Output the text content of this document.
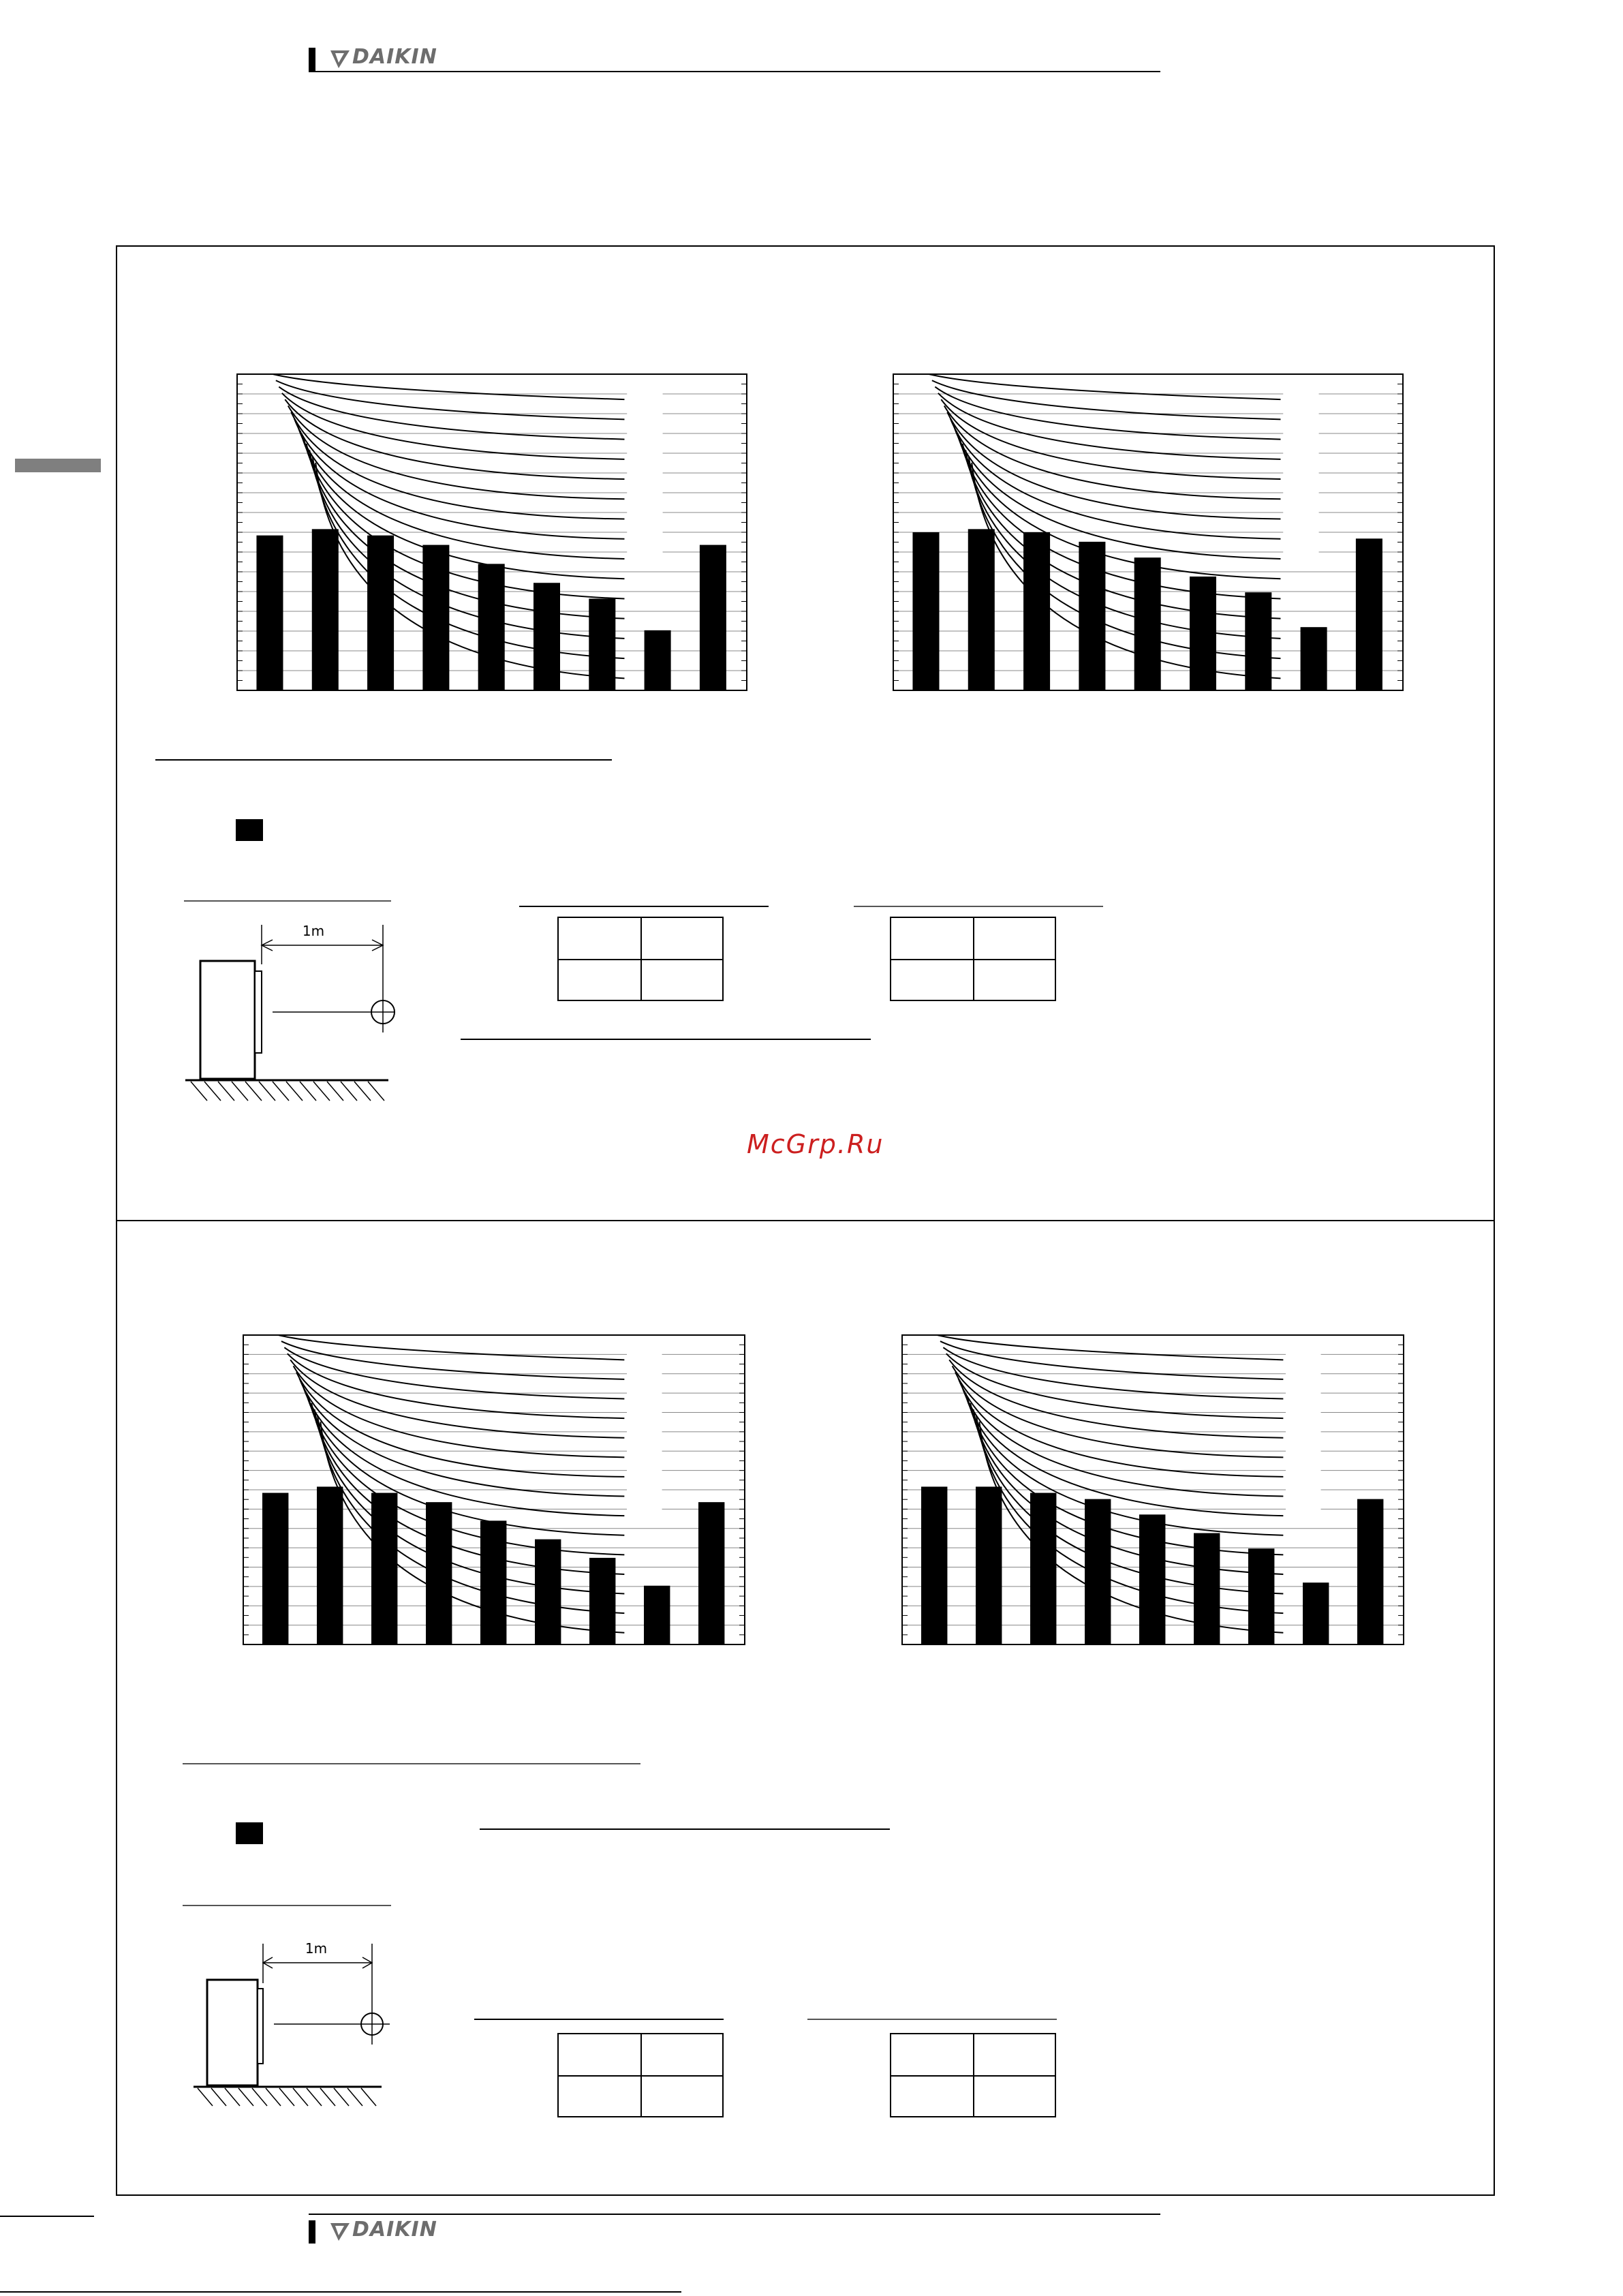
DAIKIN
1m
McGrp.Ru
1m
DAIKIN
